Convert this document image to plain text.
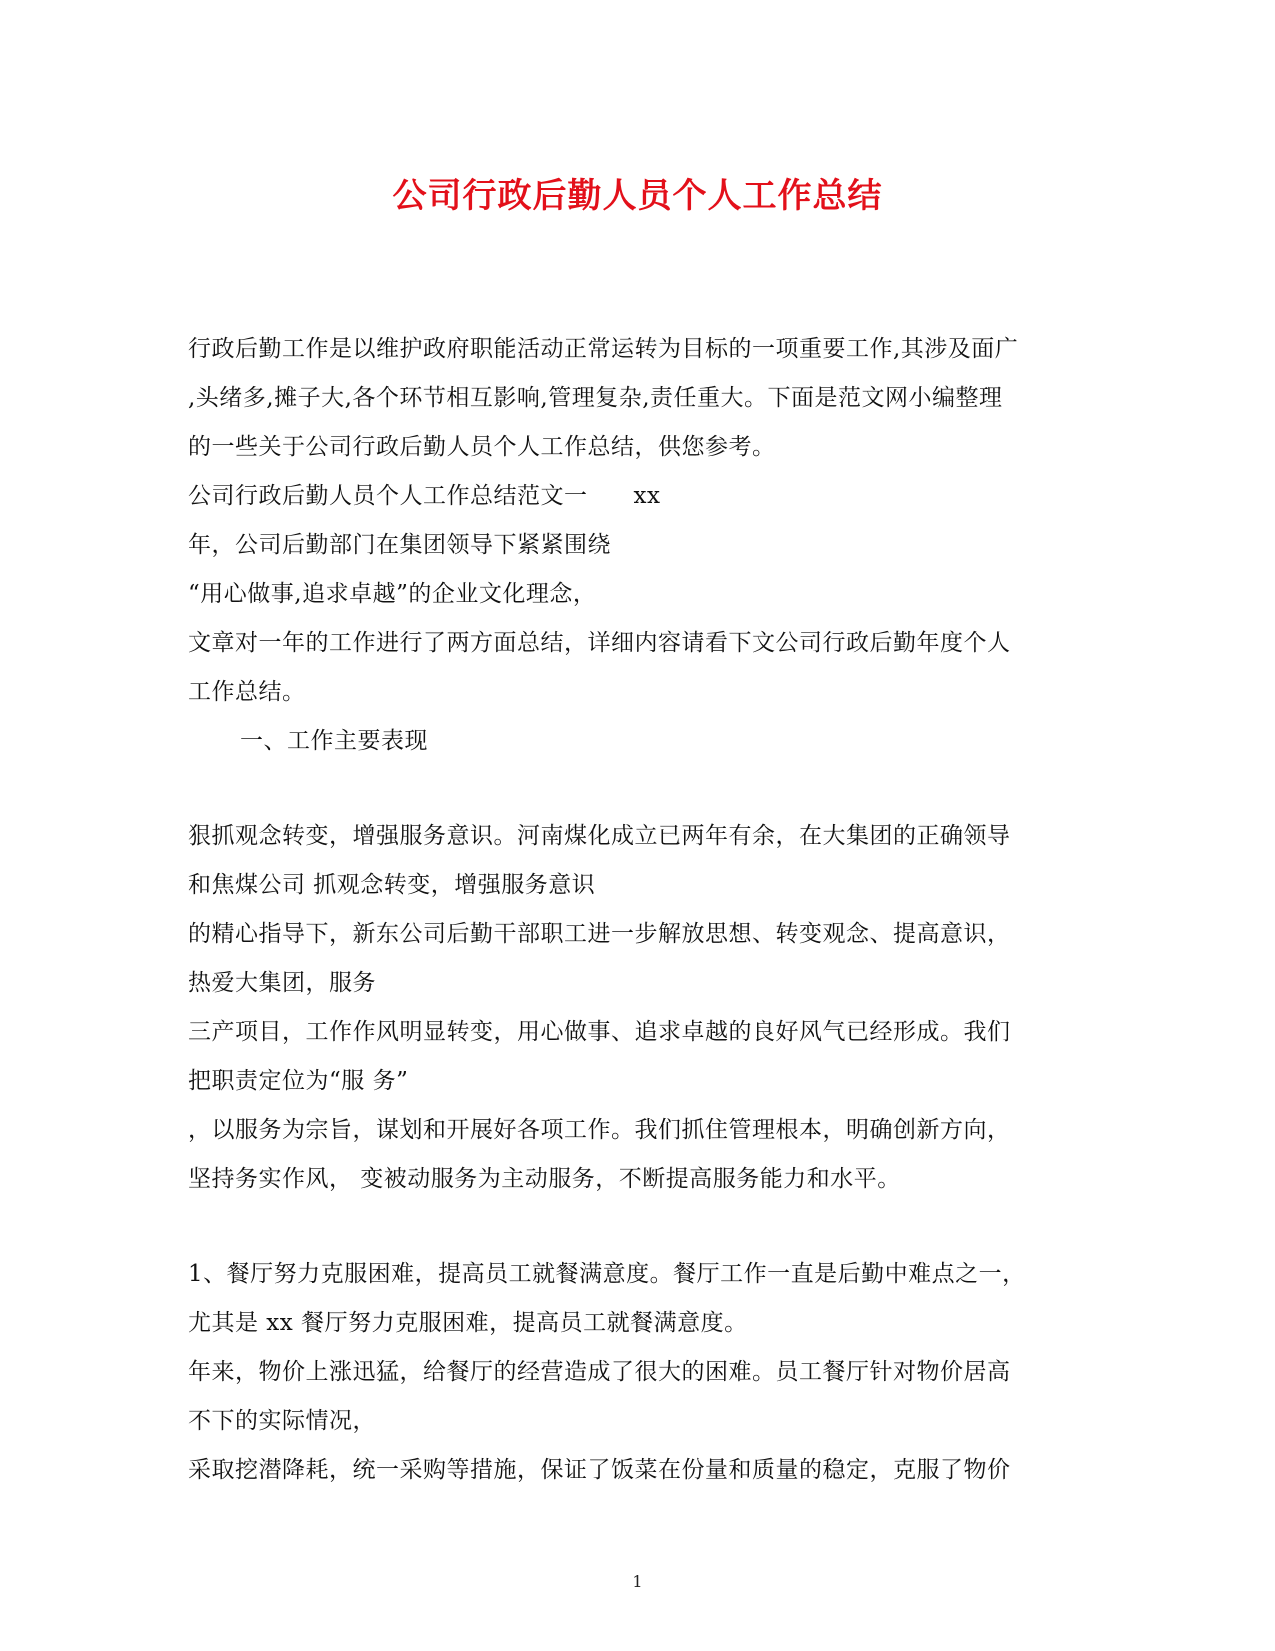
公司行政后勤人员个人工作总结
行政后勤工作是以维护政府职能活动正常运转为目标的一项重要工作,其涉及面广
,头绪多,摊子大,各个环节相互影响,管理复杂,责任重大。下面是范文网小编整理
的一些关于公司行政后勤人员个人工作总结，供您参考。
公司行政后勤人员个人工作总结范文一 xx
年，公司后勤部门在集团领导下紧紧围绕
“用心做事,追求卓越”的企业文化理念，
文章对一年的工作进行了两方面总结，详细内容请看下文公司行政后勤年度个人
工作总结。
一、工作主要表现
狠抓观念转变，增强服务意识。河南煤化成立已两年有余，在大集团的正确领导
和焦煤公司 抓观念转变，增强服务意识
的精心指导下，新东公司后勤干部职工进一步解放思想、转变观念、提高意识，
热爱大集团，服务
三产项目，工作作风明显转变，用心做事、追求卓越的良好风气已经形成。我们
把职责定位为“服 务”
，以服务为宗旨，谋划和开展好各项工作。我们抓住管理根本，明确创新方向，
坚持务实作风， 变被动服务为主动服务，不断提高服务能力和水平。
1、餐厅努力克服困难，提高员工就餐满意度。餐厅工作一直是后勤中难点之一，
尤其是 xx 餐厅努力克服困难，提高员工就餐满意度。
年来，物价上涨迅猛，给餐厅的经营造成了很大的困难。员工餐厅针对物价居高
不下的实际情况，
采取挖潜降耗，统一采购等措施，保证了饭菜在份量和质量的稳定，克服了物价
1
